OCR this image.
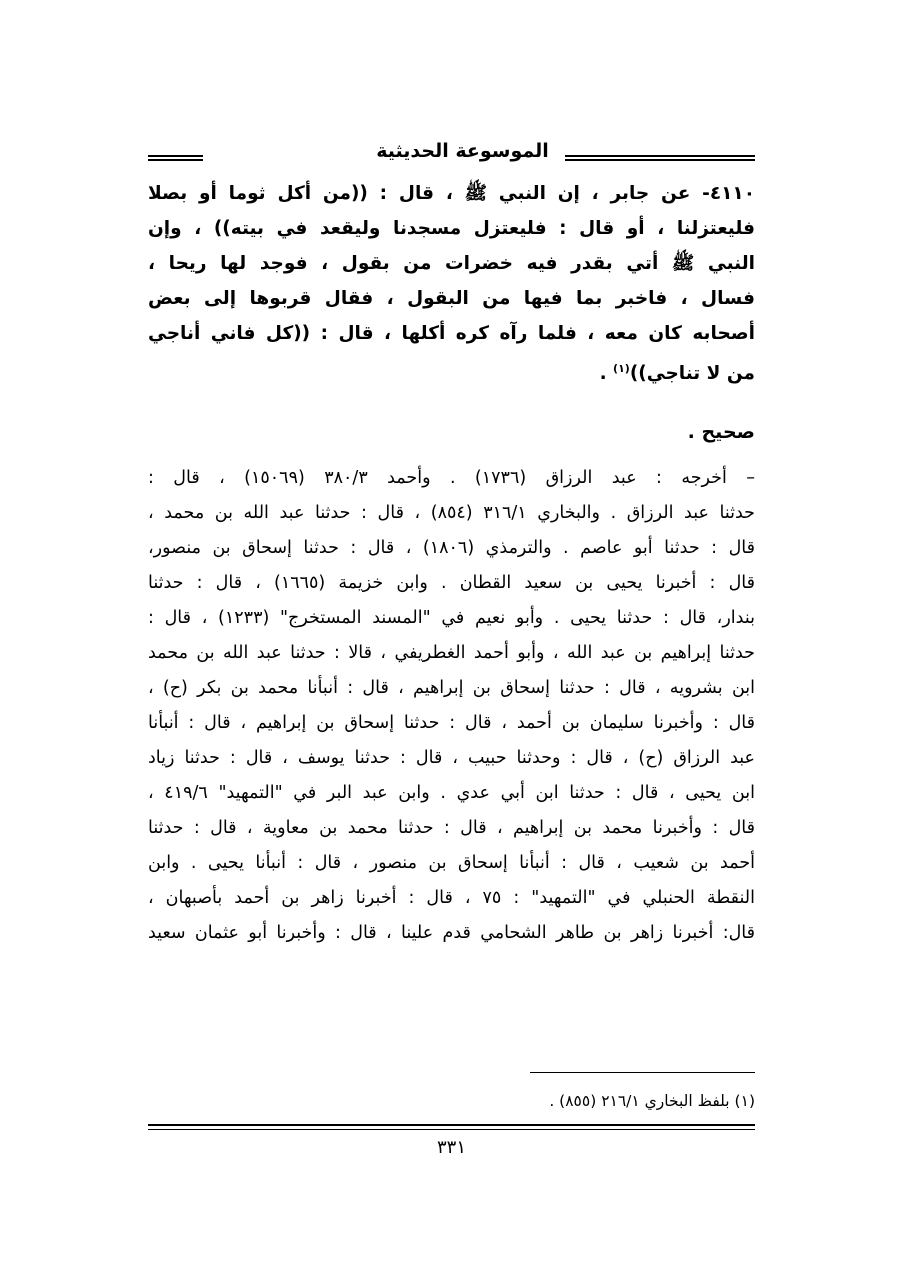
الموسوعة الحديثية

٤١١٠- عن جابر ، إن النبي ﷺ ، قال : ((من أكل ثوما أو بصلا

فليعتزلنا ، أو قال : فليعتزل مسجدنا وليقعد في بيته)) ، وإن

النبي ﷺ أتي بقدر فيه خضرات من بقول ، فوجد لها ريحا ،

فسال ، فاخبر بما فيها من البقول ، فقال قربوها إلى بعض

أصحابه كان معه ، فلما رآه كره أكلها ، قال : ((كل فاني أناجي

من لا تناجي))$^{(١)}$ .

صحيح .
– أخرجه : عبد الرزاق (١٧٣٦) . وأحمد ٣٨٠/٣ (١٥٠٦٩) ، قال :
حدثنا عبد الرزاق . والبخاري ٣١٦/١ (٨٥٤) ، قال : حدثنا عبد الله بن محمد ،
قال : حدثنا أبو عاصم . والترمذي (١٨٠٦) ، قال : حدثنا إسحاق بن منصور،
قال : أخبرنا يحيى بن سعيد القطان . وابن خزيمة (١٦٦٥) ، قال : حدثنا
بندار، قال : حدثنا يحيى . وأبو نعيم في "المسند المستخرج" (١٢٣٣) ، قال :
حدثنا إبراهيم بن عبد الله ، وأبو أحمد الغطريفي ، قالا : حدثنا عبد الله بن محمد
ابن بشرويه ، قال : حدثنا إسحاق بن إبراهيم ، قال : أنبأنا محمد بن بكر (ح) ،
قال : وأخبرنا سليمان بن أحمد ، قال : حدثنا إسحاق بن إبراهيم ، قال : أنبأنا
عبد الرزاق (ح) ، قال : وحدثنا حبيب ، قال : حدثنا يوسف ، قال : حدثنا زياد
ابن يحيى ، قال : حدثنا ابن أبي عدي . وابن عبد البر في "التمهيد" ٤١٩/٦ ،
قال : وأخبرنا محمد بن إبراهيم ، قال : حدثنا محمد بن معاوية ، قال : حدثنا
أحمد بن شعيب ، قال : أنبأنا إسحاق بن منصور ، قال : أنبأنا يحيى . وابن
النقطة الحنبلي في "التمهيد" : ٧٥ ، قال : أخبرنا زاهر بن أحمد بأصبهان ،
قال: أخبرنا زاهر بن طاهر الشحامي قدم علينا ، قال : وأخبرنا أبو عثمان سعيد
(١) بلفظ البخاري ٢١٦/١ (٨٥٥) .
٣٣١
